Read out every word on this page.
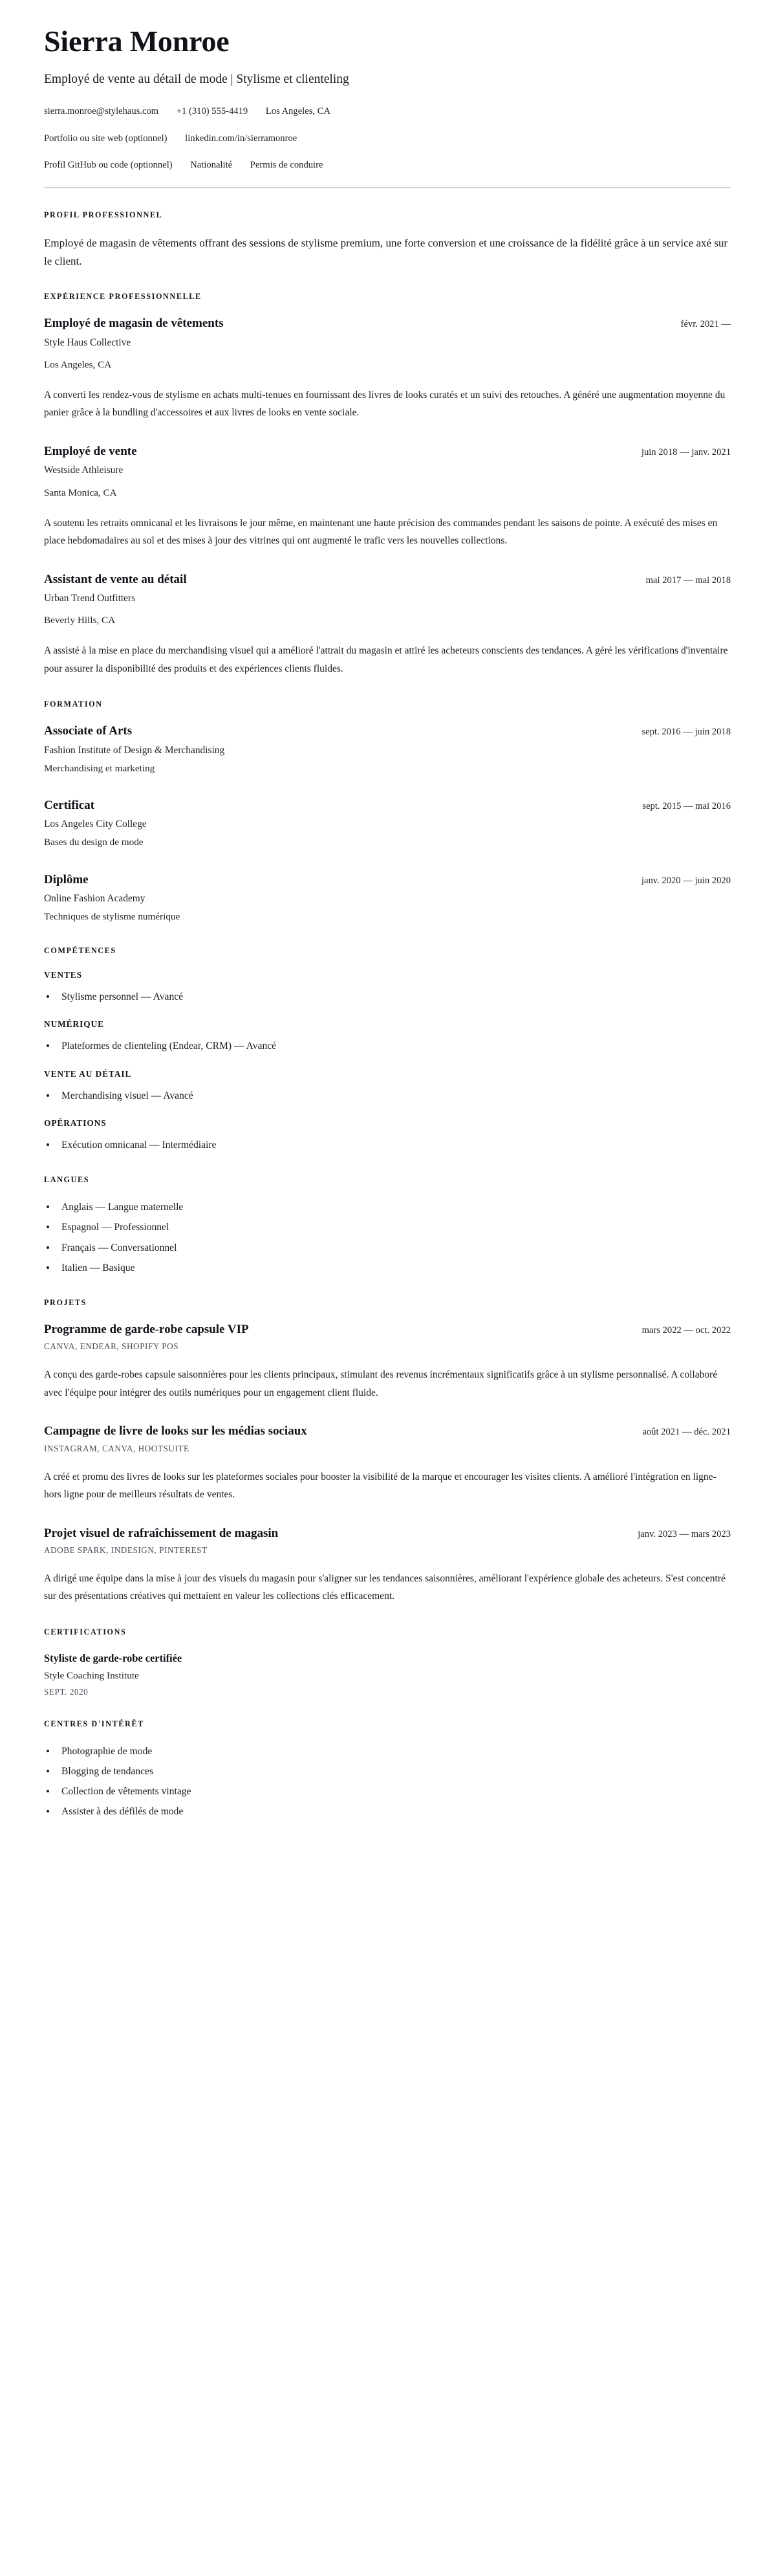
Sierra Monroe
Employé de vente au détail de mode | Stylisme et clienteling
sierra.monroe@stylehaus.com +1 (310) 555-4419 Los Angeles, CA
Portfolio ou site web (optionnel) linkedin.com/in/sierramonroe
Profil GitHub ou code (optionnel) Nationalité Permis de conduire
PROFIL PROFESSIONNEL

Employé de magasin de vêtements offrant des sessions de stylisme premium, une forte conversion et une croissance de la fidélité grâce à un service axé sur le client.

EXPÉRIENCE PROFESSIONNELLE
Employé de magasin de vêtements	févr. 2021 —
Style Haus Collective
Los Angeles, CA

A converti les rendez-vous de stylisme en achats multi-tenues en fournissant des livres de looks curatés et un suivi des retouches. A généré une augmentation moyenne du panier grâce à la bundling d'accessoires et aux livres de looks en vente sociale.

Employé de vente	juin 2018 — janv. 2021
Westside Athleisure
Santa Monica, CA

A soutenu les retraits omnicanal et les livraisons le jour même, en maintenant une haute précision des commandes pendant les saisons de pointe. A exécuté des mises en place hebdomadaires au sol et des mises à jour des vitrines qui ont augmenté le trafic vers les nouvelles collections.

Assistant de vente au détail	mai 2017 — mai 2018
Urban Trend Outfitters
Beverly Hills, CA

A assisté à la mise en place du merchandising visuel qui a amélioré l'attrait du magasin et attiré les acheteurs conscients des tendances. A géré les vérifications d'inventaire pour assurer la disponibilité des produits et des expériences clients fluides.

FORMATION
Associate of Arts	sept. 2016 — juin 2018
Fashion Institute of Design & Merchandising
Merchandising et marketing
Certificat	sept. 2015 — mai 2016
Los Angeles City College
Bases du design de mode
Diplôme	janv. 2020 — juin 2020
Online Fashion Academy
Techniques de stylisme numérique
COMPÉTENCES
VENTES
Stylisme personnel — Avancé
NUMÉRIQUE
Plateformes de clienteling (Endear, CRM) — Avancé
VENTE AU DÉTAIL
Merchandising visuel — Avancé
OPÉRATIONS
Exécution omnicanal — Intermédiaire
LANGUES
Anglais — Langue maternelle
Espagnol — Professionnel
Français — Conversationnel
Italien — Basique
PROJETS
Programme de garde-robe capsule VIP	mars 2022 — oct. 2022
CANVA, ENDEAR, SHOPIFY POS

A conçu des garde-robes capsule saisonnières pour les clients principaux, stimulant des revenus incrémentaux significatifs grâce à un stylisme personnalisé. A collaboré avec l'équipe pour intégrer des outils numériques pour un engagement client fluide.

Campagne de livre de looks sur les médias sociaux	août 2021 — déc. 2021
INSTAGRAM, CANVA, HOOTSUITE

A créé et promu des livres de looks sur les plateformes sociales pour booster la visibilité de la marque et encourager les visites clients. A amélioré l'intégration en ligne-hors ligne pour de meilleurs résultats de ventes.

Projet visuel de rafraîchissement de magasin	janv. 2023 — mars 2023
ADOBE SPARK, INDESIGN, PINTEREST

A dirigé une équipe dans la mise à jour des visuels du magasin pour s'aligner sur les tendances saisonnières, améliorant l'expérience globale des acheteurs. S'est concentré sur des présentations créatives qui mettaient en valeur les collections clés efficacement.

CERTIFICATIONS
Styliste de garde-robe certifiée
Style Coaching Institute
SEPT. 2020
CENTRES D'INTÉRÊT
Photographie de mode
Blogging de tendances
Collection de vêtements vintage
Assister à des défilés de mode
